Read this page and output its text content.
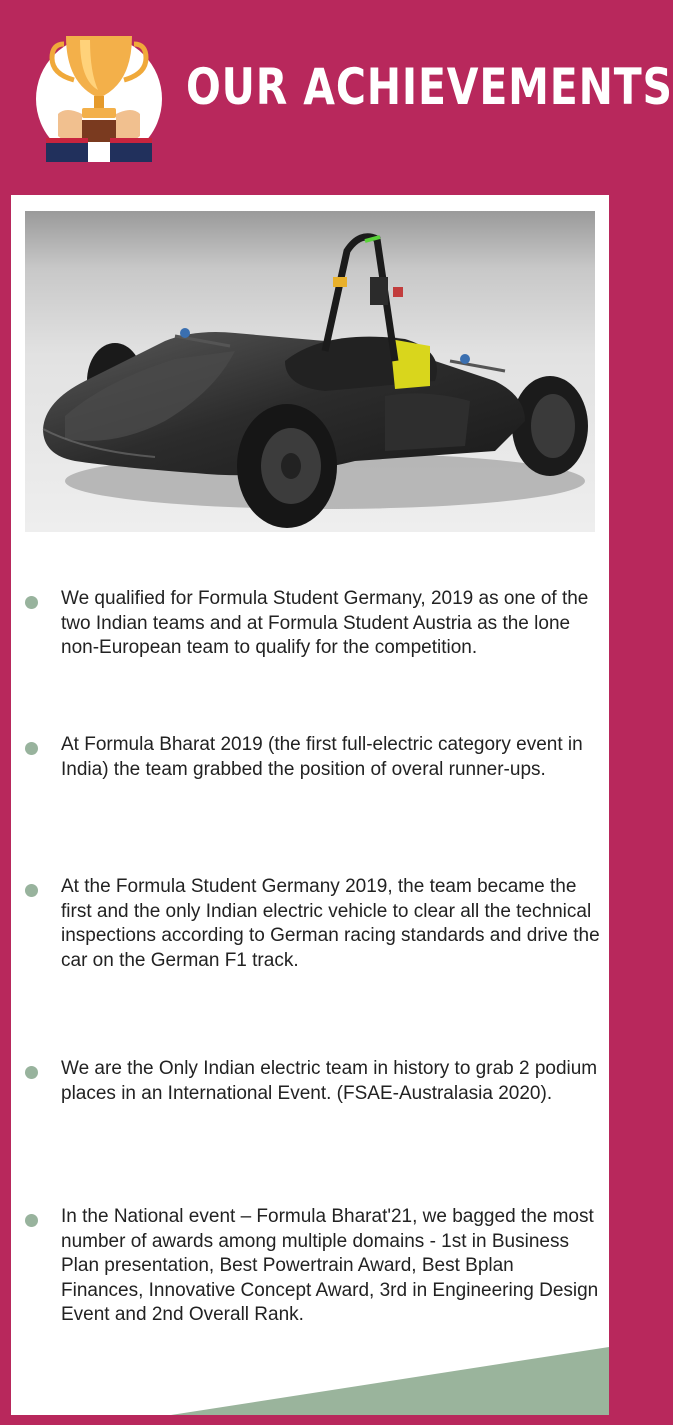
OUR ACHIEVEMENTS
We qualified for Formula Student Germany, 2019 as one of the two Indian teams and at Formula Student Austria as the lone non-European team to qualify for the competition.
At Formula Bharat 2019 (the first full-electric category event in India) the team grabbed the position of overal runner-ups.
At the Formula Student Germany 2019, the team became the first and the only Indian electric vehicle to clear all the technical inspections according to German racing standards and drive the car on the German F1 track.
We are the Only Indian electric team in history to grab 2 podium places in an International Event. (FSAE-Australasia 2020).
In the National event – Formula Bharat'21, we bagged the most number of awards among multiple domains - 1st in Business Plan presentation, Best Powertrain Award, Best Bplan Finances, Innovative Concept Award, 3rd in Engineering Design Event and 2nd Overall Rank.
